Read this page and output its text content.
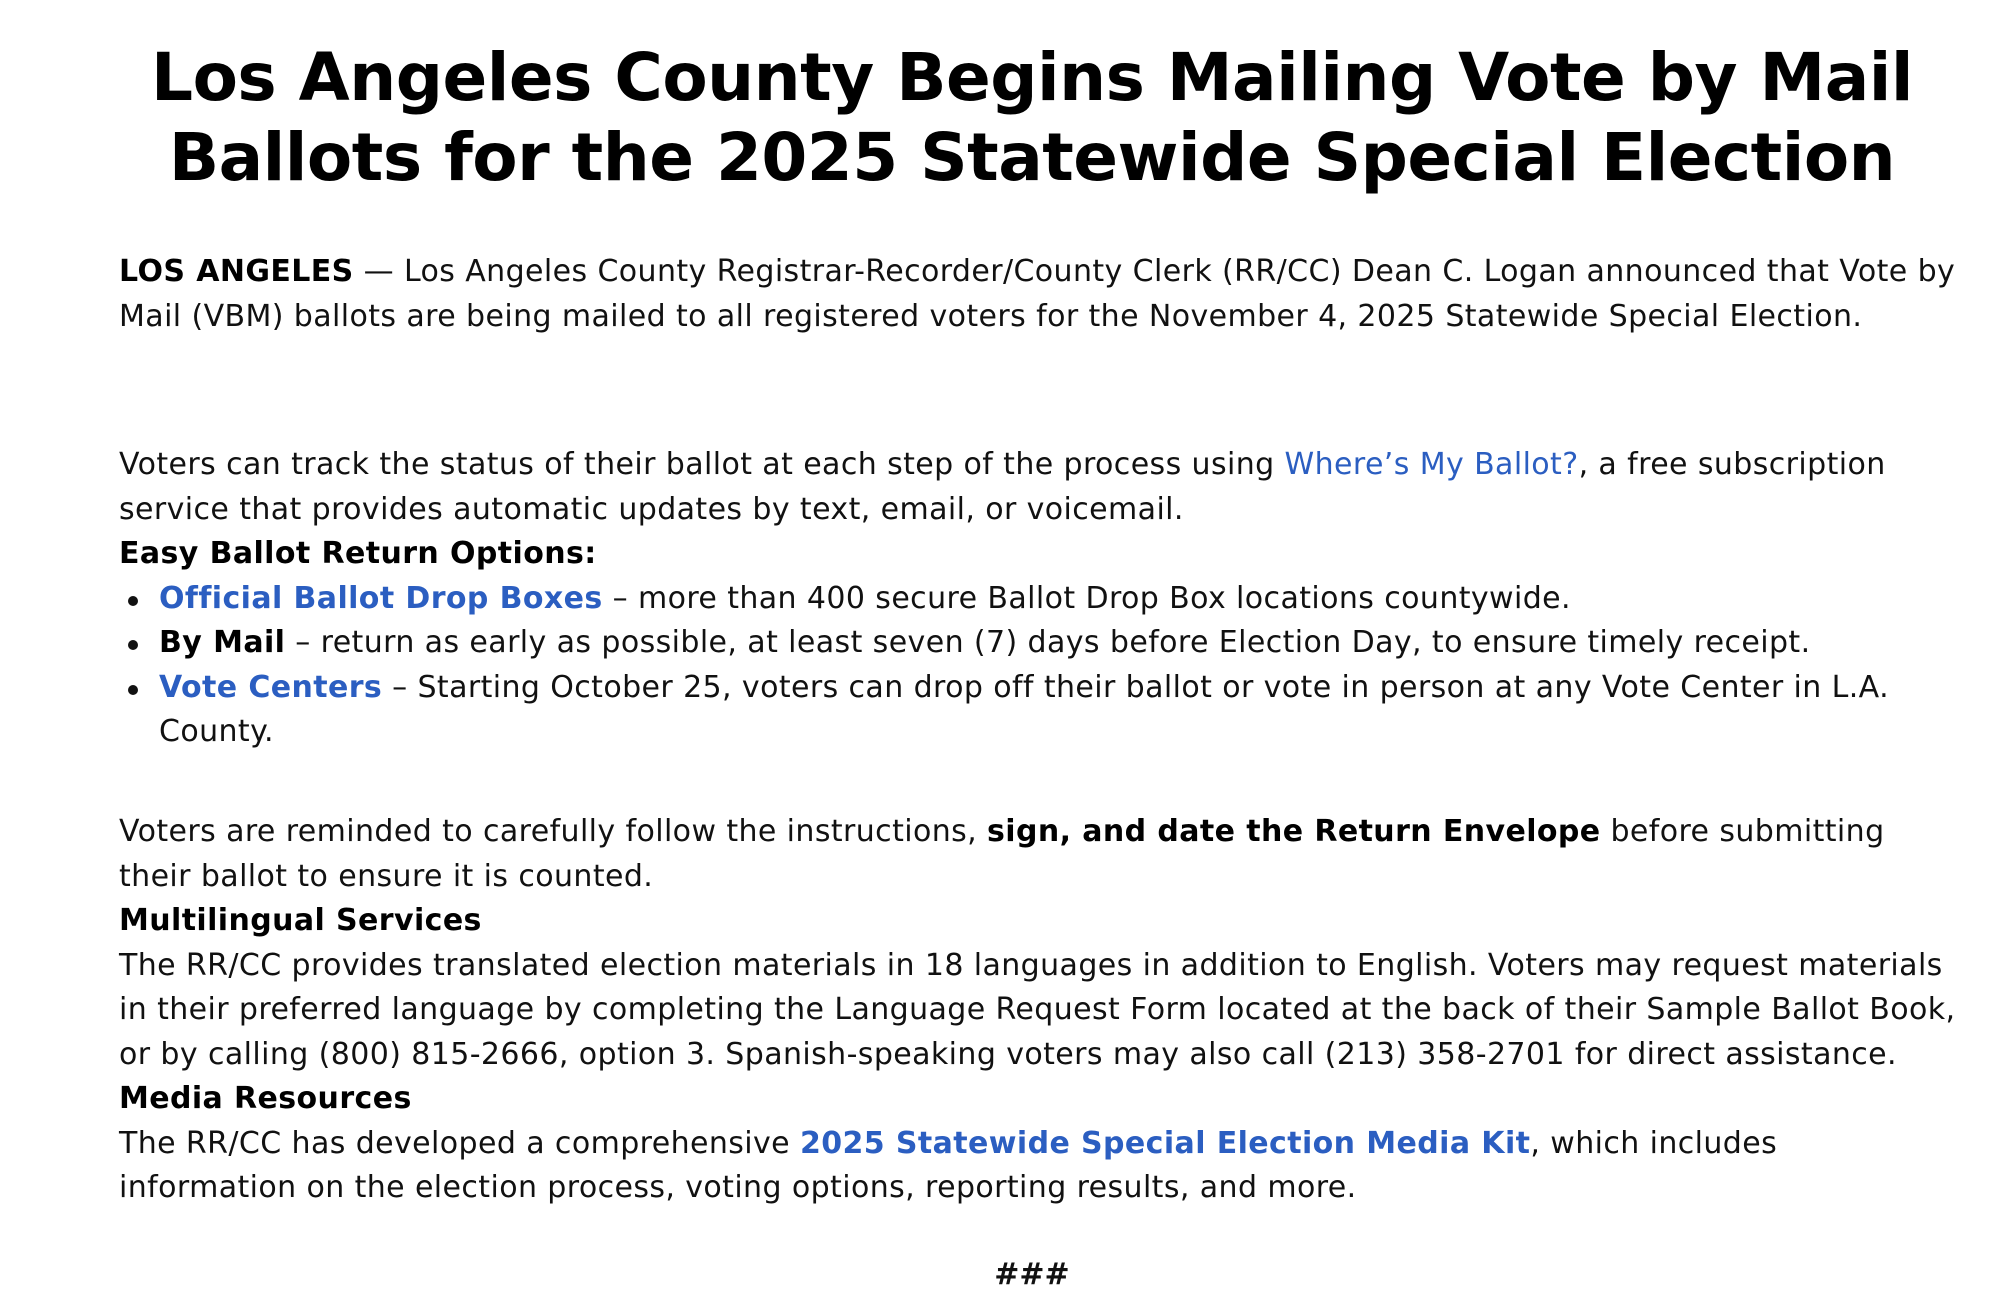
Los Angeles County Begins Mailing Vote by Mail
Ballots for the 2025 Statewide Special Election

LOS ANGELES — Los Angeles County Registrar-Recorder/County Clerk (RR/CC) Dean C. Logan announced that Vote by Mail (VBM) ballots are being mailed to all registered voters for the November 4, 2025 Statewide Special Election.

Voters can track the status of their ballot at each step of the process using Where’s My Ballot?, a free subscription service that provides automatic updates by text, email, or voicemail.
Easy Ballot Return Options:
Official Ballot Drop Boxes – more than 400 secure Ballot Drop Box locations countywide.
By Mail – return as early as possible, at least seven (7) days before Election Day, to ensure timely receipt.
Vote Centers – Starting October 25, voters can drop off their ballot or vote in person at any Vote Center in L.A. County.
Voters are reminded to carefully follow the instructions, sign, and date the Return Envelope before submitting their ballot to ensure it is counted.
Multilingual Services
The RR/CC provides translated election materials in 18 languages in addition to English. Voters may request materials in their preferred language by completing the Language Request Form located at the back of their Sample Ballot Book, or by calling (800) 815-2666, option 3. Spanish-speaking voters may also call (213) 358-2701 for direct assistance.
Media Resources
The RR/CC has developed a comprehensive 2025 Statewide Special Election Media Kit, which includes information on the election process, voting options, reporting results, and more.
###
